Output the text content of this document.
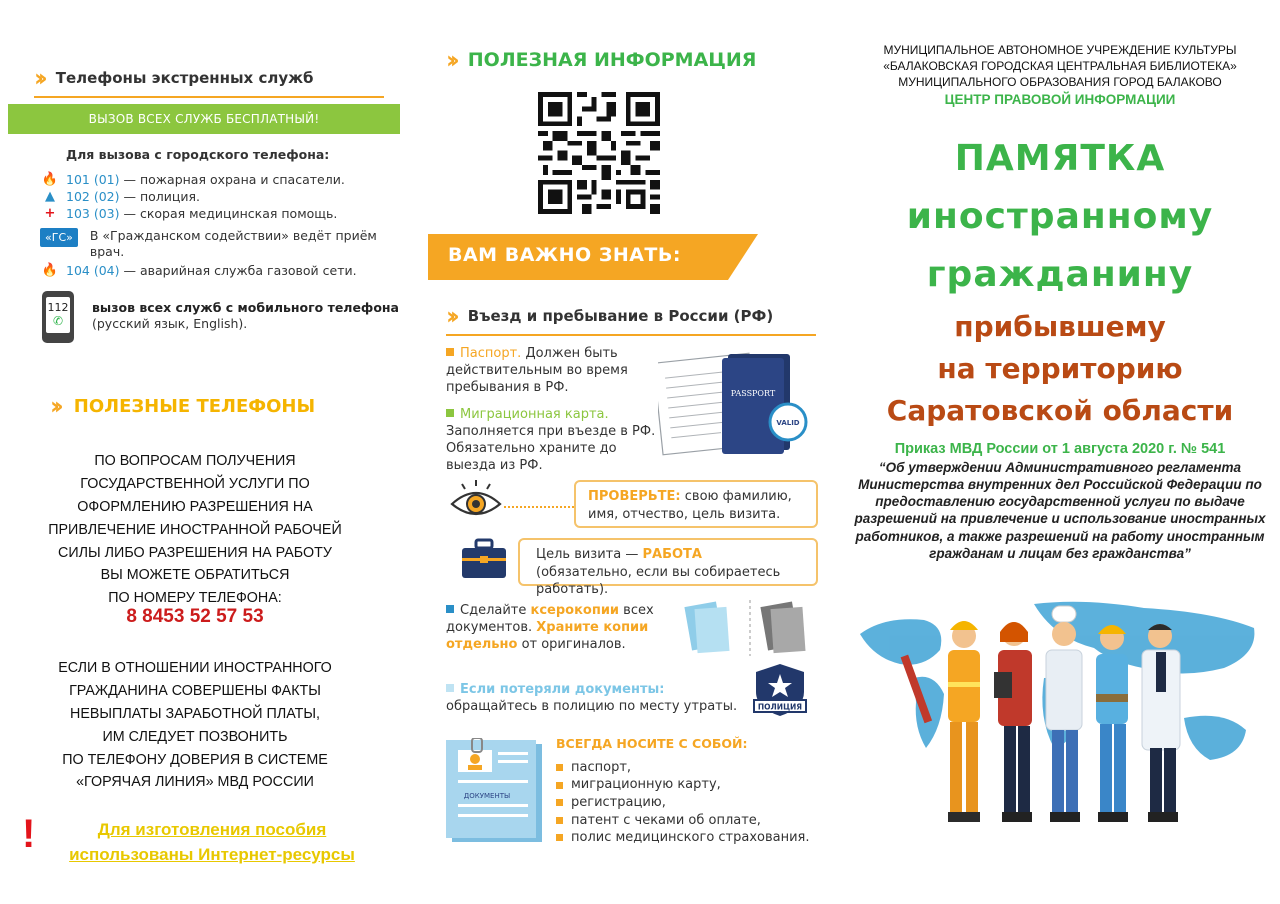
›› Телефоны экстренных служб
ВЫЗОВ ВСЕХ СЛУЖБ БЕСПЛАТНЫЙ!
Для вызова с городского телефона:
🔥 101 (01) — пожарная охрана и спасатели.
▲ 102 (02) — полиция.
+ 103 (03) — скорая медицинская помощь.
«ГС»	В «Гражданском содействии» ведёт приём врач.
🔥 104 (04) — аварийная служба газовой сети.
112
✆
вызов всех служб с мобильного телефона
(русский язык, English).
›› ПОЛЕЗНЫЕ ТЕЛЕФОНЫ
ПО ВОПРОСАМ ПОЛУЧЕНИЯ
ГОСУДАРСТВЕННОЙ УСЛУГИ ПО
ОФОРМЛЕНИЮ РАЗРЕШЕНИЯ НА
ПРИВЛЕЧЕНИЕ ИНОСТРАННОЙ РАБОЧЕЙ
СИЛЫ ЛИБО РАЗРЕШЕНИЯ НА РАБОТУ
ВЫ МОЖЕТЕ ОБРАТИТЬСЯ
ПО НОМЕРУ ТЕЛЕФОНА:
8 8453 52 57 53
ЕСЛИ В ОТНОШЕНИИ ИНОСТРАННОГО
ГРАЖДАНИНА СОВЕРШЕНЫ ФАКТЫ
НЕВЫПЛАТЫ ЗАРАБОТНОЙ ПЛАТЫ,
ИМ СЛЕДУЕТ ПОЗВОНИТЬ
ПО ТЕЛЕФОНУ ДОВЕРИЯ В СИСТЕМЕ
«ГОРЯЧАЯ ЛИНИЯ» МВД РОССИИ
!	Для изготовления пособия
использованы Интернет-ресурсы
›› ПОЛЕЗНАЯ ИНФОРМАЦИЯ
ВАМ ВАЖНО ЗНАТЬ:
›› Въезд и пребывание в России (РФ)
Паспорт. Должен быть действительным во время пребывания в РФ.
Миграционная карта.
Заполняется при въезде в РФ. Обязательно храните до выезда из РФ.
PASSPORT
VALID
ПРОВЕРЬТЕ: свою фамилию, имя, отчество, цель визита.
Цель визита — РАБОТА (обязательно, если вы собираетесь работать).
Сделайте ксерокопии всех документов. Храните копии отдельно от оригиналов.
Если потеряли документы:
обращайтесь в полицию по месту утраты.	ПОЛИЦИЯ
ДОКУМЕНТЫ
ВСЕГДА НОСИТЕ С СОБОЙ:
паспорт,
миграционную карту,
регистрацию,
патент с чеками об оплате,
полис медицинского страхования.
МУНИЦИПАЛЬНОЕ АВТОНОМНОЕ УЧРЕЖДЕНИЕ КУЛЬТУРЫ
«БАЛАКОВСКАЯ ГОРОДСКАЯ ЦЕНТРАЛЬНАЯ БИБЛИОТЕКА»
МУНИЦИПАЛЬНОГО ОБРАЗОВАНИЯ ГОРОД БАЛАКОВО
ЦЕНТР ПРАВОВОЙ ИНФОРМАЦИИ
ПАМЯТКА
иностранному
гражданину
прибывшему
на территорию
Саратовской области
Приказ МВД России от 1 августа 2020 г. № 541
“Об утверждении Административного регламента Министерства внутренних дел Российской Федерации по предоставлению государственной услуги по выдаче разрешений на привлечение и использование иностранных работников, а также разрешений на работу иностранным гражданам и лицам без гражданства”
